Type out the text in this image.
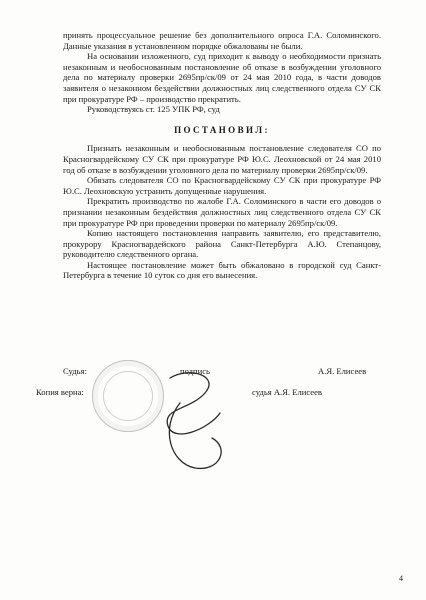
принять процессуальное решение без дополнительного опроса Г.А. Соломинского. Данные указания в установленном порядке обжалованы не были.

На основании изложенного, суд приходит к выводу о необходимости признать незаконным и необоснованным постановление об отказе в возбуждении уголовного дела по материалу проверки 2695пр/ск/09 от 24 мая 2010 года, в части доводов заявителя о незаконном бездействии должностных лиц следственного отдела СУ СК при прокуратуре РФ – производство прекратить.

Руководствуясь ст. 125 УПК РФ, суд

ПОСТАНОВИЛ:

Признать незаконным и необоснованным постановление следователя СО по Красногвардейскому СУ СК при прокуратуре РФ Ю.С. Леохновской от 24 мая 2010 год об отказе в возбуждении уголовного дела по материалу проверки 2695пр/ск/09.

Обязать следователя СО по Красногвардейскому СУ СК при прокуратуре РФ Ю.С. Леохновскую устранить допущенные нарушения.

Прекратить производство по жалобе Г.А. Соломинского в части его доводов о признании незаконным бездействия должностных лиц следственного отдела СУ СК при прокуратуре РФ при проведении проверки по материалу 2695пр/ск/09.

Копию настоящего постановления направить заявителю, его представителю, прокурору Красногвардейского района Санкт-Петербурга А.Ю. Степанцову, руководителю следственного органа.

Настоящее постановление может быть обжаловано в городской суд Санкт-Петербурга в течение 10 суток со дня его вынесения.

Судья:	подпись	А.Я. Елисеев
Копия верна:	судья А.Я. Елисеев
4
